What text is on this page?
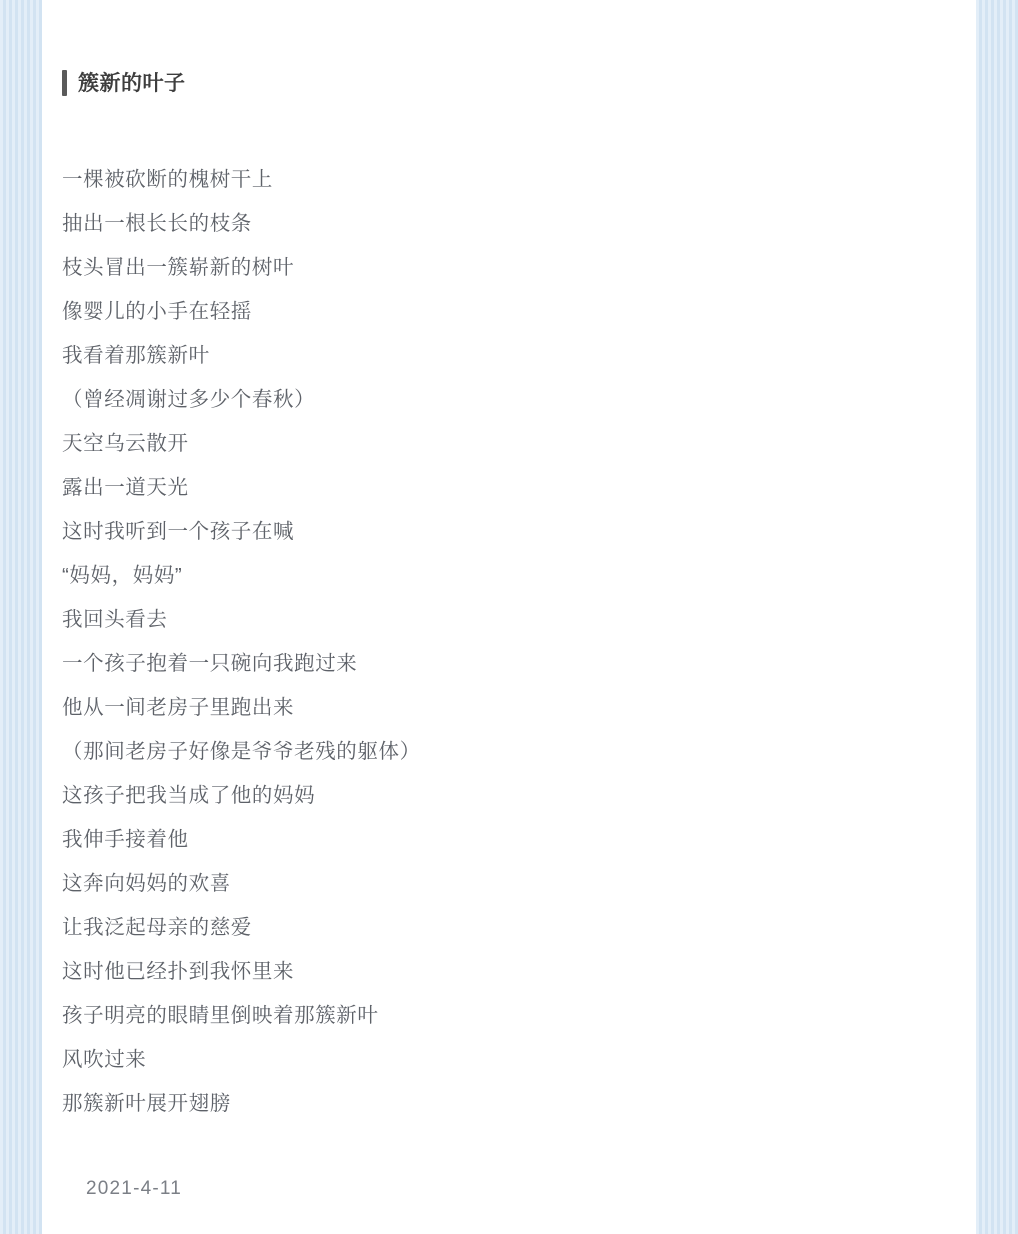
簇新的叶子
一棵被砍断的槐树干上
抽出一根长长的枝条
枝头冒出一簇崭新的树叶
像婴儿的小手在轻摇
我看着那簇新叶
（曾经凋谢过多少个春秋）
天空乌云散开
露出一道天光
这时我听到一个孩子在喊
“妈妈，妈妈”
我回头看去
一个孩子抱着一只碗向我跑过来
他从一间老房子里跑出来
（那间老房子好像是爷爷老残的躯体）
这孩子把我当成了他的妈妈
我伸手接着他
这奔向妈妈的欢喜
让我泛起母亲的慈爱
这时他已经扑到我怀里来
孩子明亮的眼睛里倒映着那簇新叶
风吹过来
那簇新叶展开翅膀
2021-4-11
